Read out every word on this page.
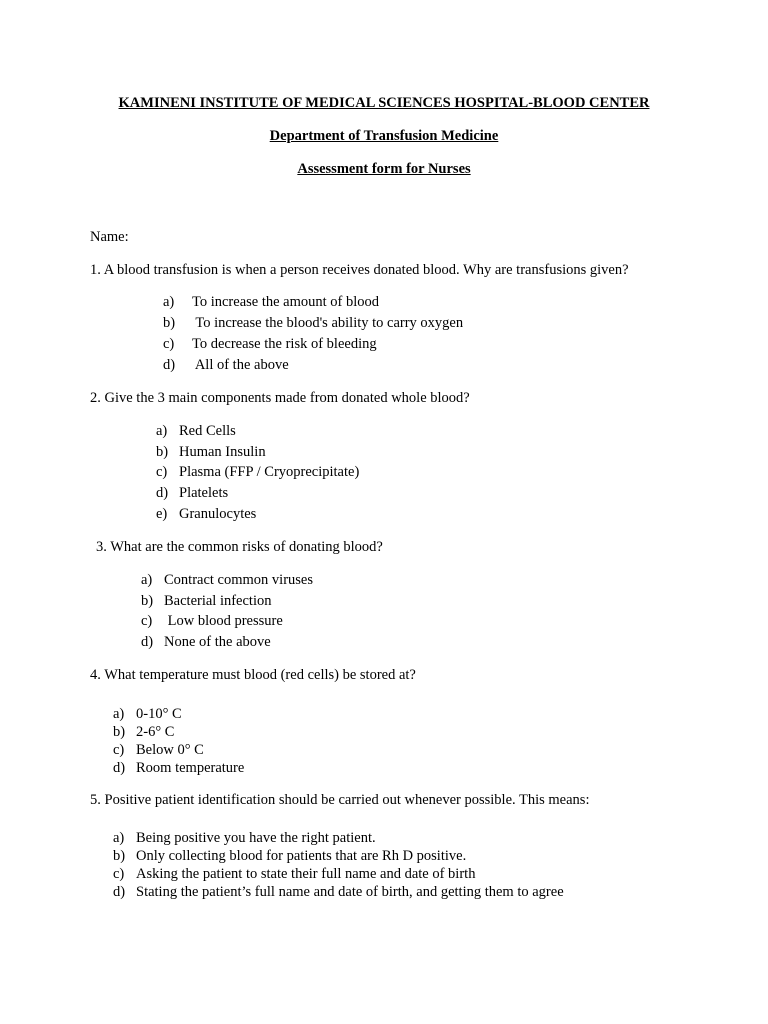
KAMINENI INSTITUTE OF MEDICAL SCIENCES HOSPITAL-BLOOD CENTER
Department of Transfusion Medicine
Assessment form for Nurses
Name:
1. A blood transfusion is when a person receives donated blood. Why are transfusions given?
a) To increase the amount of blood
b) To increase the blood's ability to carry oxygen
c) To decrease the risk of bleeding
d) All of the above
2. Give the 3 main components made from donated whole blood?
a) Red Cells
b) Human Insulin
c) Plasma (FFP / Cryoprecipitate)
d) Platelets
e) Granulocytes
3. What are the common risks of donating blood?
a) Contract common viruses
b) Bacterial infection
c) Low blood pressure
d) None of the above
4. What temperature must blood (red cells) be stored at?
a) 0-10° C
b) 2-6° C
c) Below 0° C
d) Room temperature
5. Positive patient identification should be carried out whenever possible. This means:
a) Being positive you have the right patient.
b) Only collecting blood for patients that are Rh D positive.
c) Asking the patient to state their full name and date of birth
d) Stating the patient’s full name and date of birth, and getting them to agree
